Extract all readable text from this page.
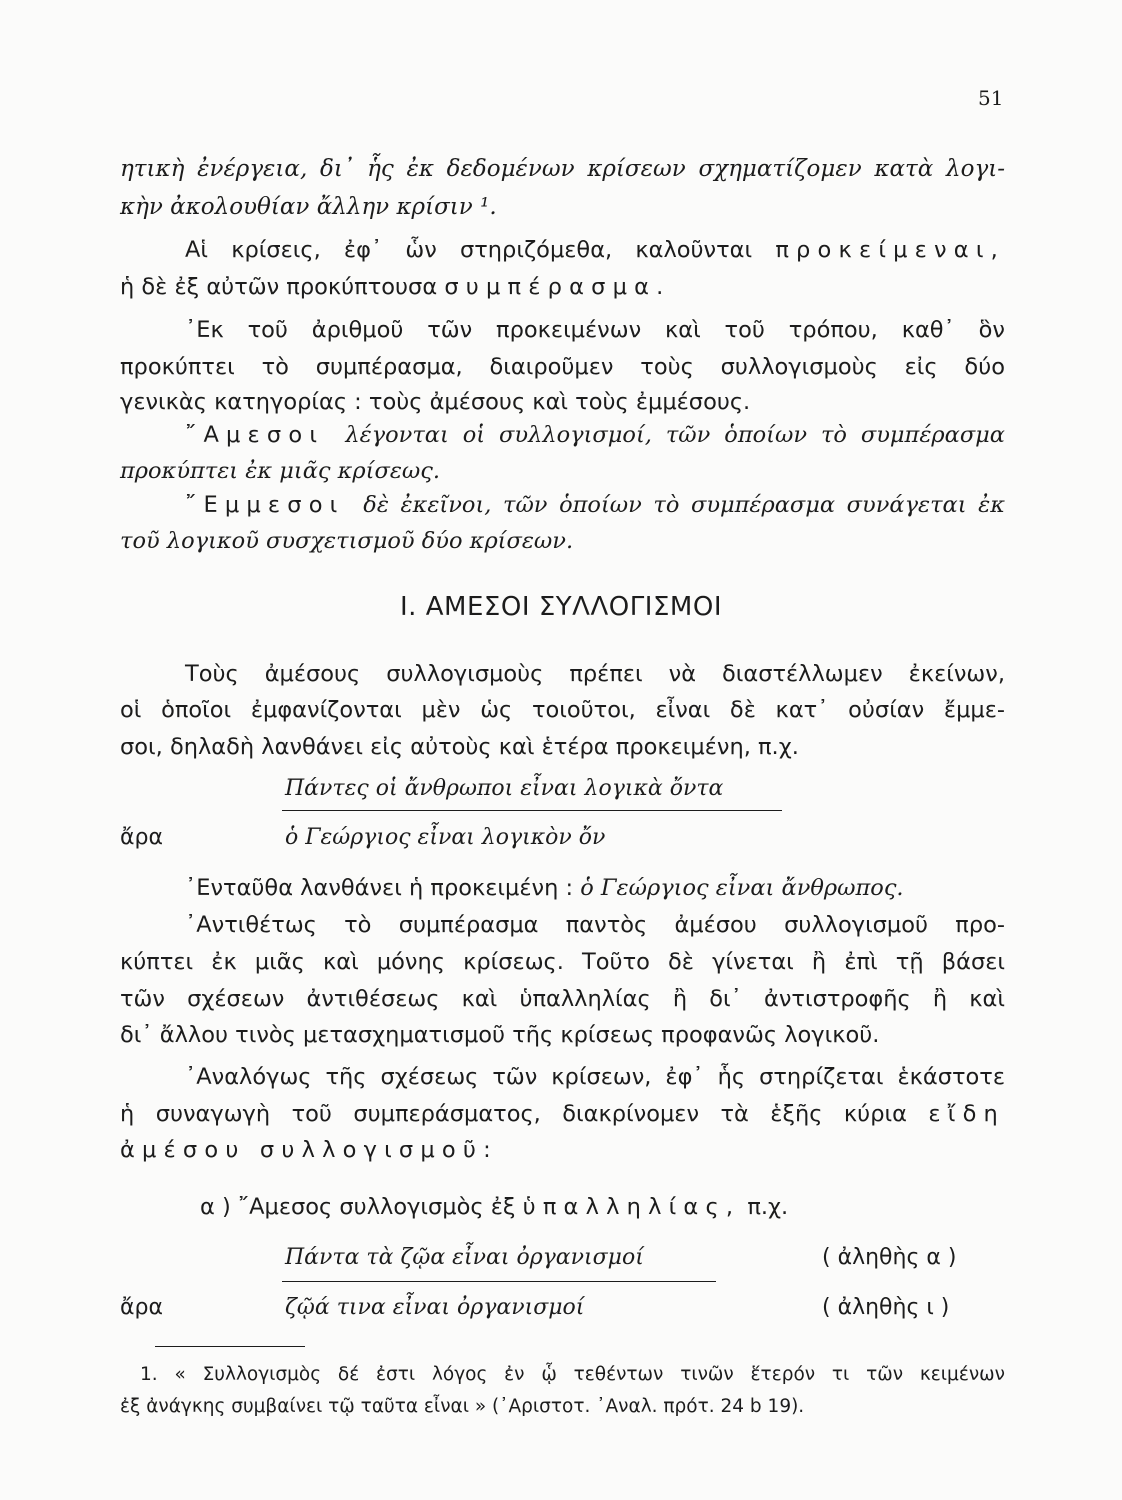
51
ητικὴ ἐνέργεια, δι᾿ ἧς ἐκ δεδομένων κρίσεων σχηματίζομεν κατὰ λογι-
κὴν ἀκολουθίαν ἄλλην κρίσιν ¹.
Αἱ κρίσεις, ἐφ᾿ ὧν στηριζόμεθα, καλοῦνται προκείμεναι,
ἡ δὲ ἐξ αὐτῶν προκύπτουσα συμπέρασμα.
᾿Εκ τοῦ ἀριθμοῦ τῶν προκειμένων καὶ τοῦ τρόπου, καθ᾿ ὃν
προκύπτει τὸ συμπέρασμα, διαιροῦμεν τοὺς συλλογισμοὺς εἰς δύο
γενικὰς κατηγορίας : τοὺς ἀμέσους καὶ τοὺς ἐμμέσους.
῎Αμεσοι λέγονται οἱ συλλογισμοί, τῶν ὁποίων τὸ συμπέρασμα
προκύπτει ἐκ μιᾶς κρίσεως.
῎Εμμεσοι δὲ ἐκεῖνοι, τῶν ὁποίων τὸ συμπέρασμα συνάγεται ἐκ
τοῦ λογικοῦ συσχετισμοῦ δύο κρίσεων.
Ι. ΑΜΕΣΟΙ ΣΥΛΛΟΓΙΣΜΟΙ
Τοὺς ἀμέσους συλλογισμοὺς πρέπει νὰ διαστέλλωμεν ἐκείνων,
οἱ ὁποῖοι ἐμφανίζονται μὲν ὡς τοιοῦτοι, εἶναι δὲ κατ᾿ οὐσίαν ἔμμε-
σοι, δηλαδὴ λανθάνει εἰς αὐτοὺς καὶ ἑτέρα προκειμένη, π.χ.
Πάντες οἱ ἄνθρωποι εἶναι λογικὰ ὄντα
ἄρα	ὁ Γεώργιος εἶναι λογικὸν ὄν
᾿Ενταῦθα λανθάνει ἡ προκειμένη : ὁ Γεώργιος εἶναι ἄνθρωπος.
᾿Αντιθέτως τὸ συμπέρασμα παντὸς ἀμέσου συλλογισμοῦ προ-
κύπτει ἐκ μιᾶς καὶ μόνης κρίσεως. Τοῦτο δὲ γίνεται ἢ ἐπὶ τῇ βάσει
τῶν σχέσεων ἀντιθέσεως καὶ ὑπαλληλίας ἢ δι᾿ ἀντιστροφῆς ἢ καὶ
δι᾿ ἄλλου τινὸς μετασχηματισμοῦ τῆς κρίσεως προφανῶς λογικοῦ.
᾿Αναλόγως τῆς σχέσεως τῶν κρίσεων, ἐφ᾿ ἧς στηρίζεται ἑκάστοτε
ἡ συναγωγὴ τοῦ συμπεράσματος, διακρίνομεν τὰ ἑξῆς κύρια εἴδη
ἀμέσου συλλογισμοῦ:
α ) ῎Αμεσος συλλογισμὸς ἐξ ὑπαλληλίας, π.χ.
Πάντα τὰ ζῷα εἶναι ὀργανισμοί	( ἀληθὴς α )
ἄρα	ζῷά τινα εἶναι ὀργανισμοί	( ἀληθὴς ι )
1. « Συλλογισμὸς δέ ἐστι λόγος ἐν ᾧ τεθέντων τινῶν ἕτερόν τι τῶν κειμένων
ἐξ ἀνάγκης συμβαίνει τῷ ταῦτα εἶναι » (᾿Αριστοτ. ᾿Αναλ. πρότ. 24 b 19).
